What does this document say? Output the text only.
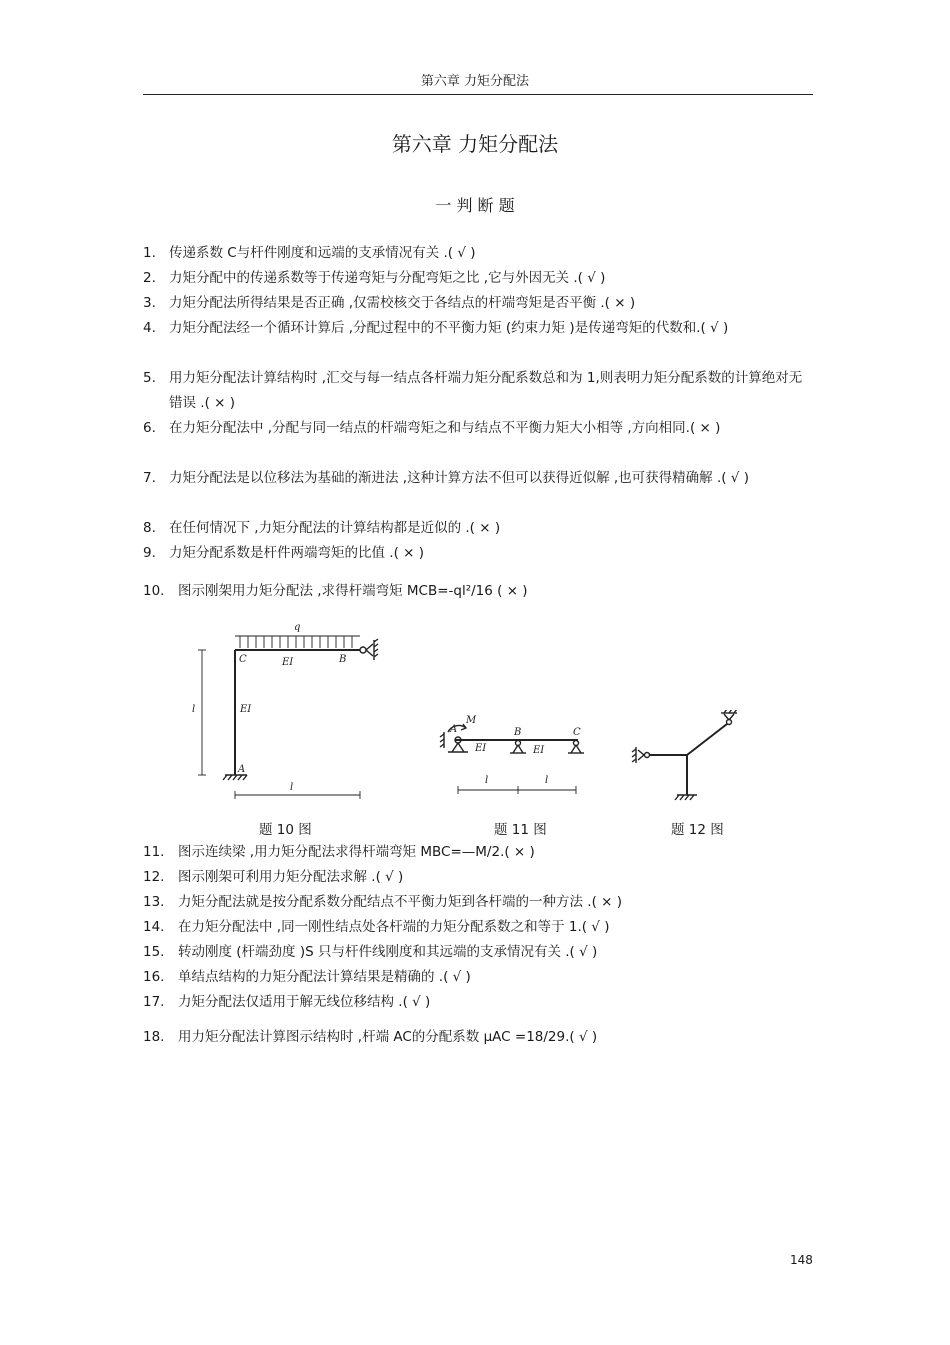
第六章 力矩分配法
第六章 力矩分配法
一 判 断 题
1. 传递系数 C与杆件刚度和远端的支承情况有关 .( √ )
2. 力矩分配中的传递系数等于传递弯矩与分配弯矩之比 ,它与外因无关 .( √ )
3. 力矩分配法所得结果是否正确 ,仅需校核交于各结点的杆端弯矩是否平衡 .( × )
4. 力矩分配法经一个循环计算后 ,分配过程中的不平衡力矩 (约束力矩 )是传递弯矩的代数和.( √ )
5. 用力矩分配法计算结构时 ,汇交与每一结点各杆端力矩分配系数总和为 1,则表明力矩分配系数的计算绝对无错误 .( × )
6. 在力矩分配法中 ,分配与同一结点的杆端弯矩之和与结点不平衡力矩大小相等 ,方向相同.( × )
7. 力矩分配法是以位移法为基础的渐进法 ,这种计算方法不但可以获得近似解 ,也可获得精确解 .( √ )
8. 在任何情况下 ,力矩分配法的计算结构都是近似的 .( × )
9. 力矩分配系数是杆件两端弯矩的比值 .( × )
10.	图示刚架用力矩分配法 ,求得杆端弯矩 MCB=-ql²/16 ( × )
q
C	B
EI
EI
A
l
l
M
A	B	C
EI	EI
l	l
题 10 图	题 11 图	题 12 图
11.	图示连续梁 ,用力矩分配法求得杆端弯矩 MBC=—M/2.( × )
12.	图示刚架可利用力矩分配法求解 .( √ )
13.	力矩分配法就是按分配系数分配结点不平衡力矩到各杆端的一种方法 .( × )
14.	在力矩分配法中 ,同一刚性结点处各杆端的力矩分配系数之和等于 1.( √ )
15.	转动刚度 (杆端劲度 )S 只与杆件线刚度和其远端的支承情况有关 .( √ )
16.	单结点结构的力矩分配法计算结果是精确的 .( √ )
17.	力矩分配法仅适用于解无线位移结构 .( √ )
18.	用力矩分配法计算图示结构时 ,杆端 AC的分配系数 μAC =18/29.( √ )
148
